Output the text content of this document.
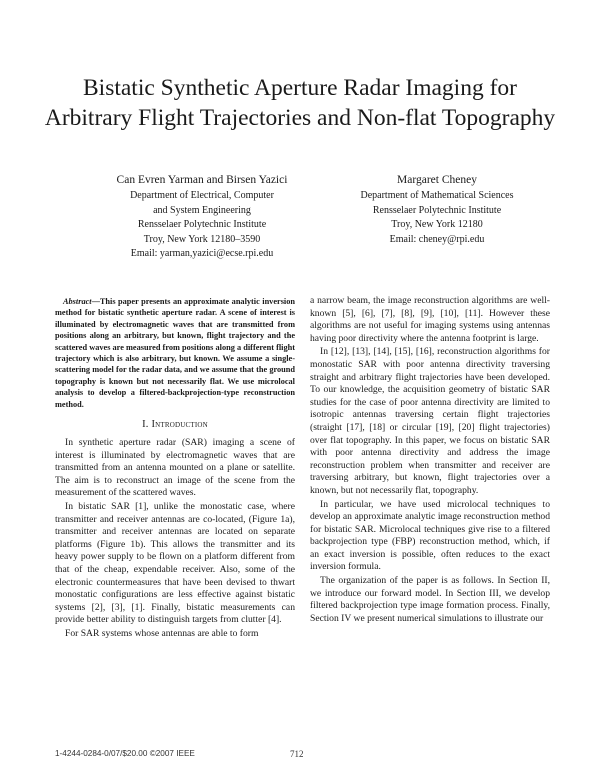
Bistatic Synthetic Aperture Radar Imaging for Arbitrary Flight Trajectories and Non-flat Topography
Can Evren Yarman and Birsen Yazici
Department of Electrical, Computer
and System Engineering
Rensselaer Polytechnic Institute
Troy, New York 12180–3590
Email: yarman,yazici@ecse.rpi.edu
Margaret Cheney
Department of Mathematical Sciences
Rensselaer Polytechnic Institute
Troy, New York 12180
Email: cheney@rpi.edu

Abstract—This paper presents an approximate analytic inversion method for bistatic synthetic aperture radar. A scene of interest is illuminated by electromagnetic waves that are transmitted from positions along an arbitrary, but known, flight trajectory and the scattered waves are measured from positions along a different flight trajectory which is also arbitrary, but known. We assume a single-scattering model for the radar data, and we assume that the ground topography is known but not necessarily flat. We use microlocal analysis to develop a filtered-backprojection-type reconstruction method.

I. Introduction

In synthetic aperture radar (SAR) imaging a scene of interest is illuminated by electromagnetic waves that are transmitted from an antenna mounted on a plane or satellite. The aim is to reconstruct an image of the scene from the measurement of the scattered waves.

In bistatic SAR [1], unlike the monostatic case, where transmitter and receiver antennas are co-located, (Figure 1a), transmitter and receiver antennas are located on separate platforms (Figure 1b). This allows the transmitter and its heavy power supply to be flown on a platform different from that of the cheap, expendable receiver. Also, some of the electronic countermeasures that have been devised to thwart monostatic configurations are less effective against bistatic systems [2], [3], [1]. Finally, bistatic measurements can provide better ability to distinguish targets from clutter [4].

For SAR systems whose antennas are able to form

a narrow beam, the image reconstruction algorithms are well-known [5], [6], [7], [8], [9], [10], [11]. However these algorithms are not useful for imaging systems using antennas having poor directivity where the antenna footprint is large.

In [12], [13], [14], [15], [16], reconstruction algorithms for monostatic SAR with poor antenna directivity traversing straight and arbitrary flight trajectories have been developed. To our knowledge, the acquisition geometry of bistatic SAR studies for the case of poor antenna directivity are limited to isotropic antennas traversing certain flight trajectories (straight [17], [18] or circular [19], [20] flight trajectories) over flat topography. In this paper, we focus on bistatic SAR with poor antenna directivity and address the image reconstruction problem when transmitter and receiver are traversing arbitrary, but known, flight trajectories over a known, but not necessarily flat, topography.

In particular, we have used microlocal techniques to develop an approximate analytic image reconstruction method for bistatic SAR. Microlocal techniques give rise to a filtered backprojection type (FBP) reconstruction method, which, if an exact inversion is possible, often reduces to the exact inversion formula.

The organization of the paper is as follows. In Section II, we introduce our forward model. In Section III, we develop filtered backprojection type image formation process. Finally, Section IV we present numerical simulations to illustrate our

1-4244-0284-0/07/$20.00 ©2007 IEEE	712
